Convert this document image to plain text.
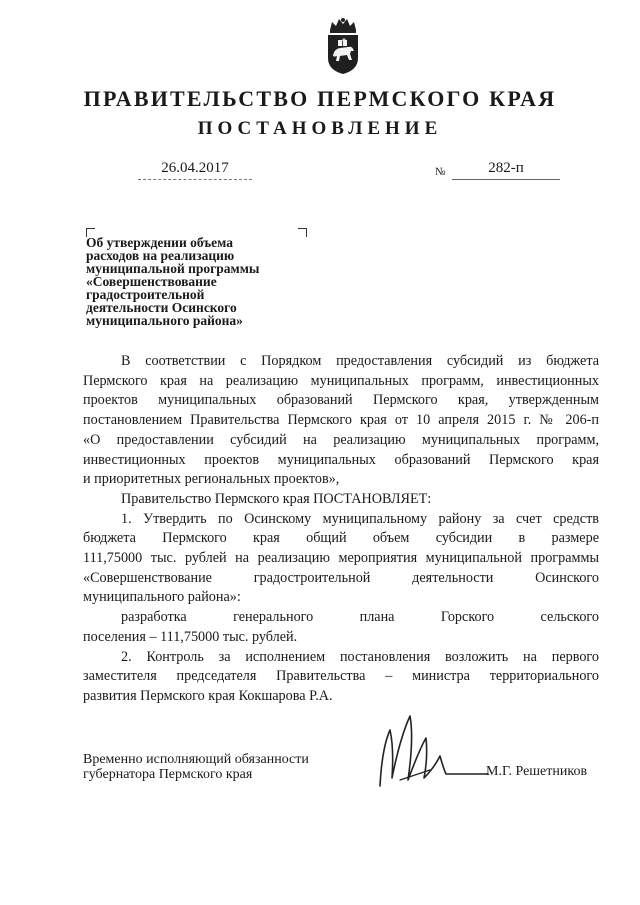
ПРАВИТЕЛЬСТВО ПЕРМСКОГО КРАЯ
ПОСТАНОВЛЕНИЕ
26.04.2017	№	282-п
Об утверждении объема
расходов на реализацию
муниципальной программы
«Совершенствование
градостроительной
деятельности Осинского
муниципального района»
В соответствии с Порядком предоставления субсидий из бюджета
Пермского края на реализацию муниципальных программ, инвестиционных
проектов муниципальных образований Пермского края, утвержденным
постановлением Правительства Пермского края от 10 апреля 2015 г. № 206-п
«О предоставлении субсидий на реализацию муниципальных программ,
инвестиционных проектов муниципальных образований Пермского края
и приоритетных региональных проектов»,
Правительство Пермского края ПОСТАНОВЛЯЕТ:
1. Утвердить по Осинскому муниципальному району за счет средств
бюджета Пермского края общий объем субсидии в размере
111,75000 тыс. рублей на реализацию мероприятия муниципальной программы
«Совершенствование градостроительной деятельности Осинского
муниципального района»:
разработка генерального плана Горского сельского
поселения – 111,75000 тыс. рублей.
2. Контроль за исполнением постановления возложить на первого
заместителя председателя Правительства – министра территориального
развития Пермского края Кокшарова Р.А.
Временно исполняющий обязанности
губернатора Пермского края	М.Г. Решетников
